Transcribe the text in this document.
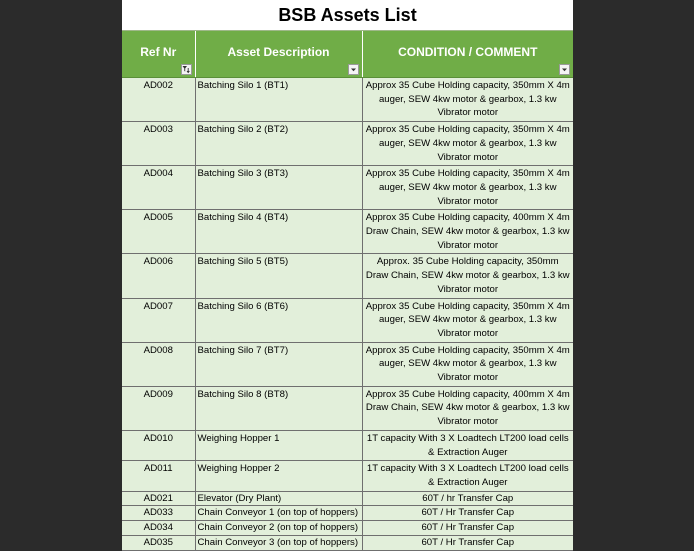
BSB Assets List
Ref Nr	Asset Description	CONDITION / COMMENT

AD002	Batching Silo 1 (BT1)	Approx 35 Cube Holding capacity, 350mm X 4m auger, SEW 4kw motor & gearbox, 1.3 kw Vibrator motor
AD003	Batching Silo 2 (BT2)	Approx 35 Cube Holding capacity, 350mm X 4m auger, SEW 4kw motor & gearbox, 1.3 kw Vibrator motor
AD004	Batching Silo 3 (BT3)	Approx 35 Cube Holding capacity, 350mm X 4m auger, SEW 4kw motor & gearbox, 1.3 kw Vibrator motor
AD005	Batching Silo 4 (BT4)	Approx 35 Cube Holding capacity, 400mm X 4m Draw Chain, SEW 4kw motor & gearbox, 1.3 kw Vibrator motor
AD006	Batching Silo 5 (BT5)	Approx. 35 Cube Holding capacity, 350mm Draw Chain, SEW 4kw motor & gearbox, 1.3 kw Vibrator motor
AD007	Batching Silo 6 (BT6)	Approx 35 Cube Holding capacity, 350mm X 4m auger, SEW 4kw motor & gearbox, 1.3 kw Vibrator motor
AD008	Batching Silo 7 (BT7)	Approx 35 Cube Holding capacity, 350mm X 4m auger, SEW 4kw motor & gearbox, 1.3 kw Vibrator motor
AD009	Batching Silo 8 (BT8)	Approx 35 Cube Holding capacity, 400mm X 4m Draw Chain, SEW 4kw motor & gearbox, 1.3 kw Vibrator motor
AD010	Weighing Hopper 1	1T capacity With 3 X Loadtech LT200 load cells & Extraction Auger
AD011	Weighing Hopper 2	1T capacity With 3 X Loadtech LT200 load cells & Extraction Auger
AD021	Elevator (Dry Plant)	60T / hr Transfer Cap
AD033	Chain Conveyor 1 (on top of hoppers)	60T / Hr Transfer Cap
AD034	Chain Conveyor 2 (on top of hoppers)	60T / Hr Transfer Cap
AD035	Chain Conveyor 3 (on top of hoppers)	60T / Hr Transfer Cap
